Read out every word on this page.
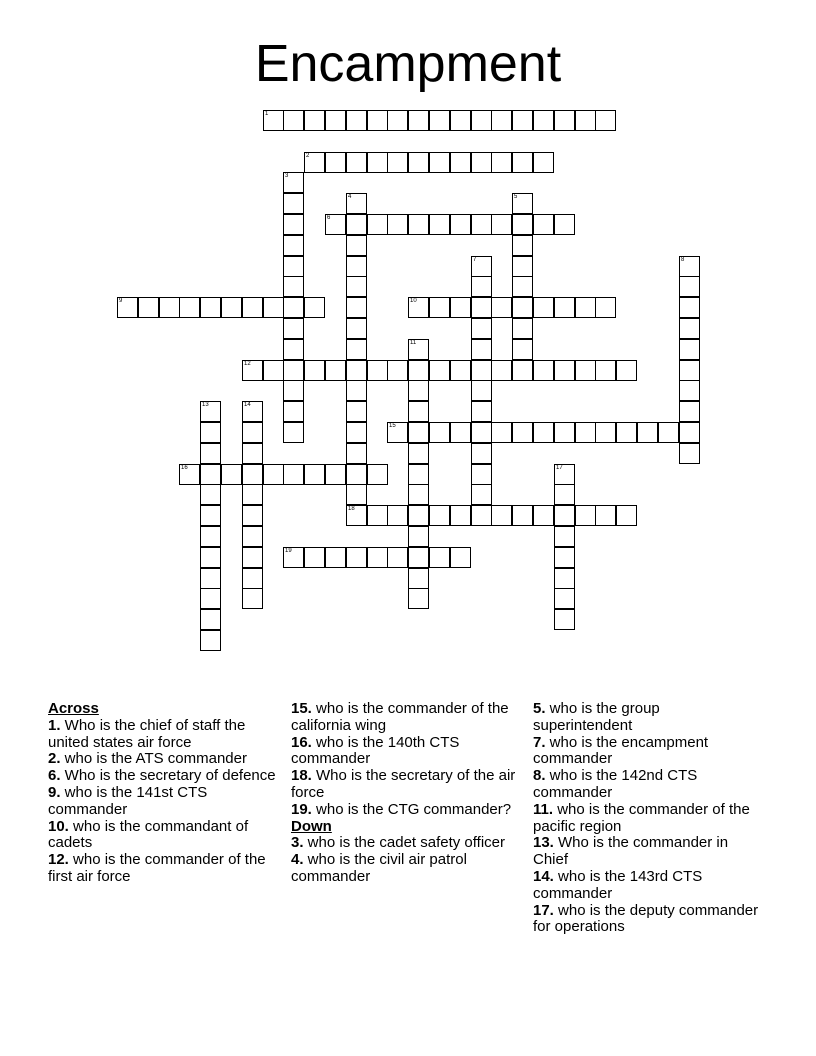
Encampment
1
2
3
4	5
6
7	8
9	10
11
12
13	14
15
16	17
18
19
Across

1. Who is the chief of staff the united states air force

2. who is the ATS commander

6. Who is the secretary of defence

9. who is the 141st CTS commander

10. who is the commandant of cadets

12. who is the commander of the first air force

15. who is the commander of the california wing

16. who is the 140th CTS commander

18. Who is the secretary of the air force

19. who is the CTG commander?

Down

3. who is the cadet safety officer

4. who is the civil air patrol commander

5. who is the group superintendent

7. who is the encampment commander

8. who is the 142nd CTS commander

11. who is the commander of the pacific region

13. Who is the commander in Chief

14. who is the 143rd CTS commander

17. who is the deputy commander for operations
